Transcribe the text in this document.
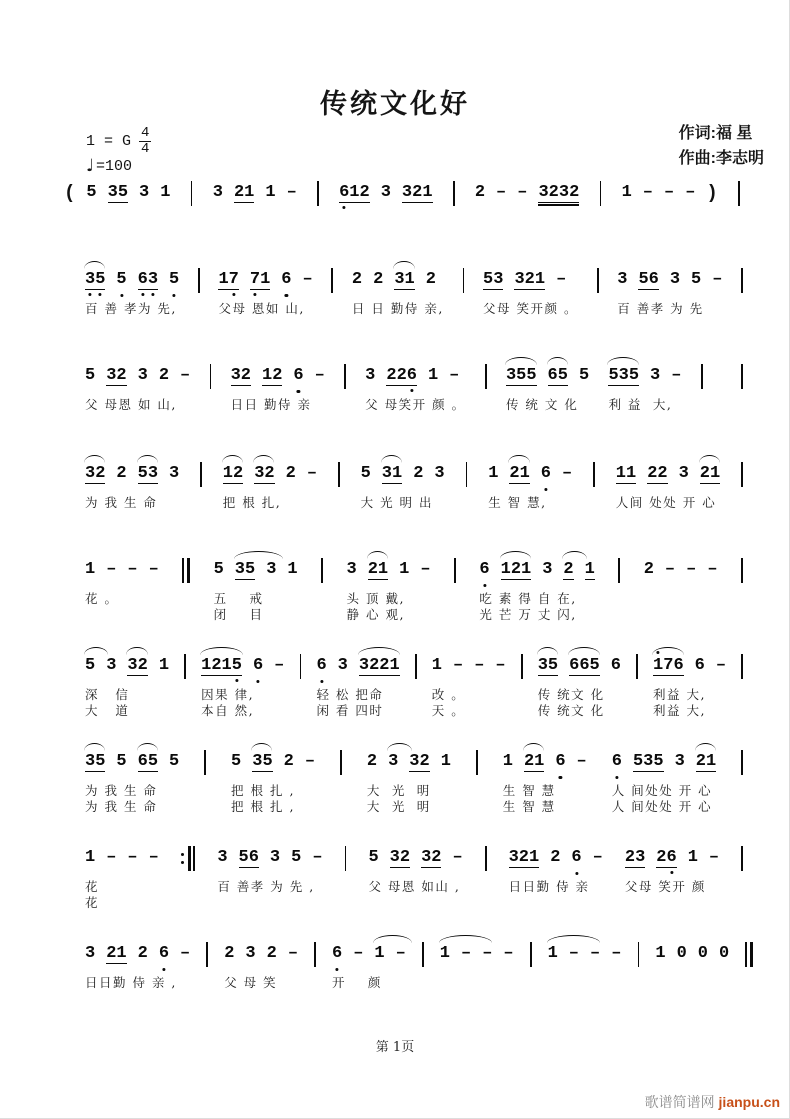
传统文化好
1 = G $\frac{4}{4}$
♩ =100
作词:福 星
作曲:李志明
( 5 35 3 1 3 21 1 – 6
12 3 321 2 – – 3232 1 – – – )
3
5 5 6
3 5
百 善 孝为 先,
17 7
1 6 –
父母 恩如 山,
2 2 31 2
日 日 勤侍 亲,
53 321 –
父母 笑开颜 。
3 56 3 5 –
百 善孝 为 先
5 32 3 2 –
父 母恩 如 山,
32 12 6 –
日日 勤侍 亲
3 226 1 –
父 母笑开 颜 。
355 65 5
传 统 文 化
535 3 –
利 益  大,
32 2 53 3
为 我 生 命
12 32 2 –
把 根 扎,
5 31 2 3
大 光 明 出
1 21 6 –
生 智 慧,
11 22 3 21
人间 处处 开 心
1 – – –
花 。
5 35 3 1
五    戒
闭    目
3 21 1 –
头 顶 戴,
静 心 观,
6 121 3 2 1
吃 素 得 自 在,
光 芒 万 丈 闪,
2 – – –
5 3 32 1
深   信
大   道
1215 6 –
因果 律,
本自 然,
6 3 3221
轻 松 把命
闲 看 四时
1 – – –
改 。
天 。
35 665 6
传 统文 化
传 统文 化
1
76 6 –
利益 大,
利益 大,
35 5 65 5
为 我 生 命
为 我 生 命
5 35 2 –
把 根 扎 ,
把 根 扎 ,
2 3 32 1
大  光  明
大  光  明
1 21 6 –
生 智 慧
生 智 慧
6 535 3 21
人 间处处 开 心
人 间处处 开 心
1 – – –
花
花
3 56 3 5 –
百 善孝 为 先 ,
5 32 32 –
父 母恩 如山 ,
321 2 6 –
日日勤 侍 亲
23 26 1 –
父母 笑开 颜
3 21 2 6 –
日日勤 侍 亲 ,
2 3 2 –
父 母 笑
6 – 1 –
开    颜
1 – – – 1 – – – 1 0 0 0
第 1页
歌谱简谱网 jianpu.cn
